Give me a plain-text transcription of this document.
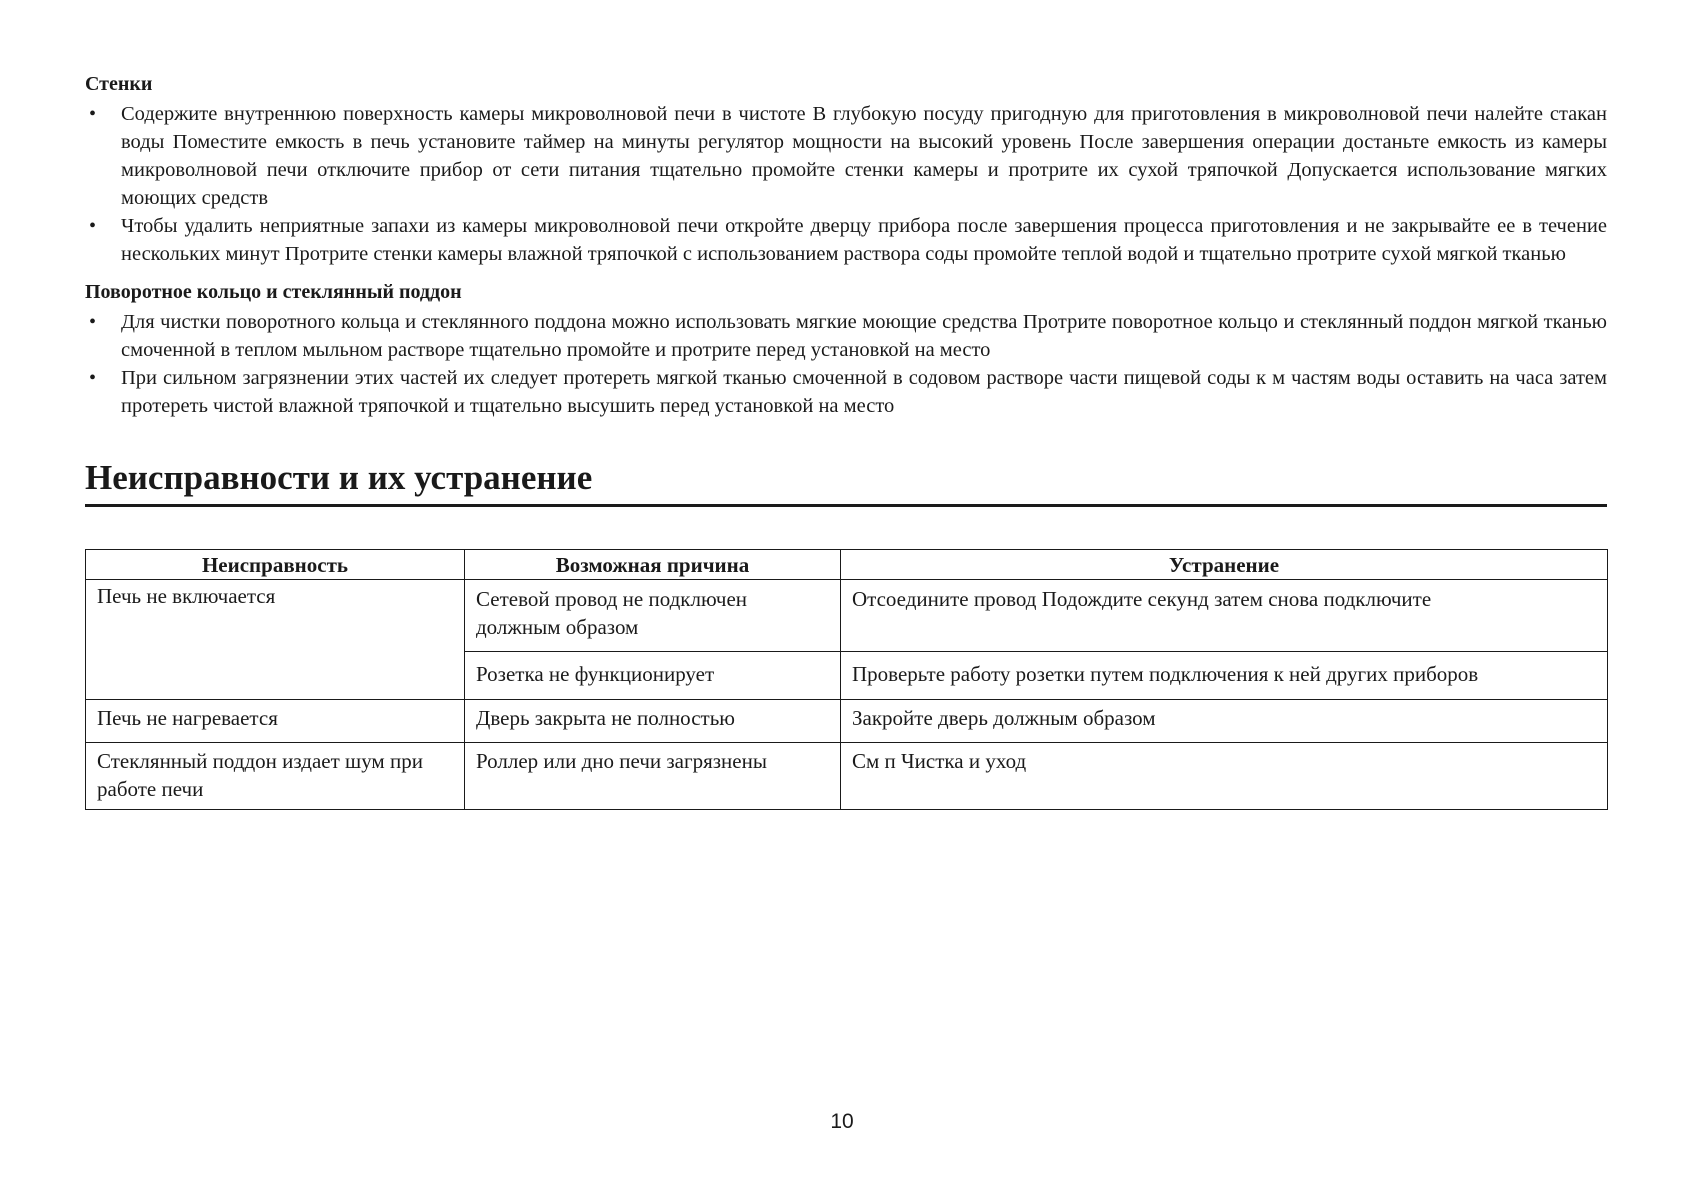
Стенки
• Содержите внутреннюю поверхность камеры микроволновой печи в чистоте В глубокую посуду пригодную для приготовления в микроволновой печи налейте стакан воды Поместите емкость в печь установите таймер на минуты регулятор мощности на высокий уровень После завершения операции достаньте емкость из камеры микроволновой печи отключите прибор от сети питания тщательно промойте стенки камеры и протрите их сухой тряпочкой Допускается использование мягких моющих средств
• Чтобы удалить неприятные запахи из камеры микроволновой печи откройте дверцу прибора после завершения процесса приготовления и не закрывайте ее в течение нескольких минут Протрите стенки камеры влажной тряпочкой с использованием раствора соды промойте теплой водой и тщательно протрите сухой мягкой тканью
Поворотное кольцо и стеклянный поддон
• Для чистки поворотного кольца и стеклянного поддона можно использовать мягкие моющие средства Протрите поворотное кольцо и стеклянный поддон мягкой тканью смоченной в теплом мыльном растворе тщательно промойте и протрите перед установкой на место
• При сильном загрязнении этих частей их следует протереть мягкой тканью смоченной в содовом растворе части пищевой соды к м частям воды оставить на часа затем протереть чистой влажной тряпочкой и тщательно высушить перед установкой на место
Неисправности и их устранение
Неисправность	Возможная причина	Устранение
Печь не включается	Сетевой провод не подключен должным образом	Отсоедините провод Подождите секунд затем снова подключите
	Розетка не функционирует	Проверьте работу розетки путем подключения к ней других приборов
Печь не нагревается	Дверь закрыта не полностью	Закройте дверь должным образом
Стеклянный поддон издает шум при работе печи	Роллер или дно печи загрязнены	См п Чистка и уход
10
